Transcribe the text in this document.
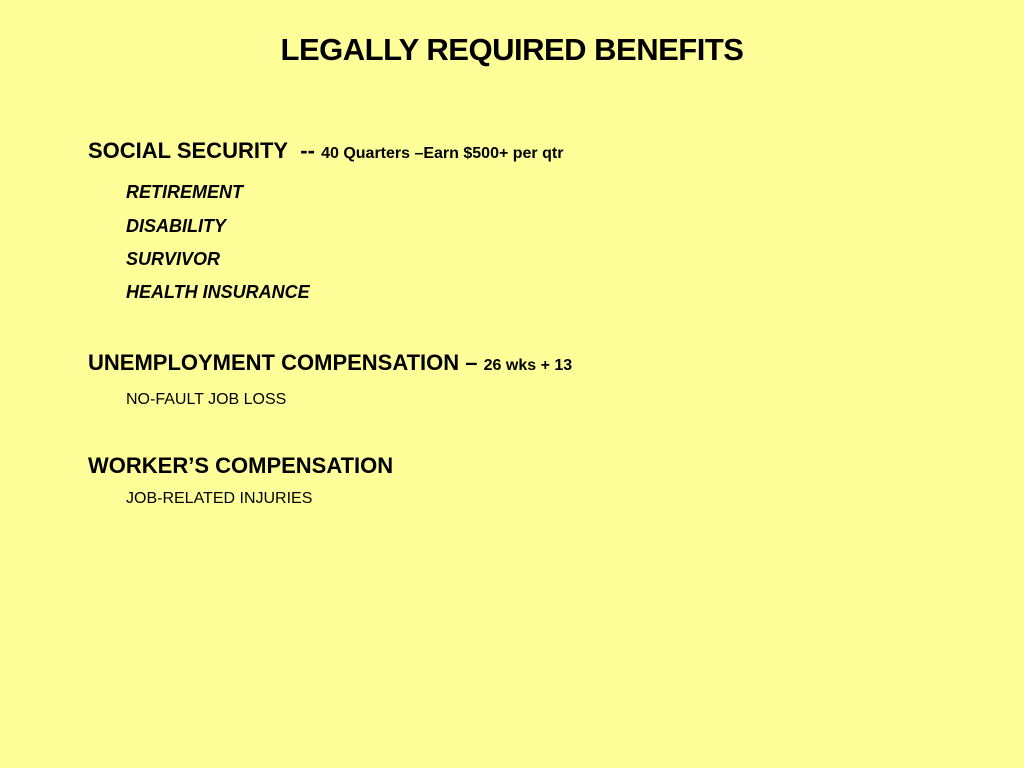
LEGALLY REQUIRED BENEFITS
SOCIAL SECURITY -- 40 Quarters –Earn $500+ per qtr
RETIREMENT
DISABILITY
SURVIVOR
HEALTH INSURANCE
UNEMPLOYMENT COMPENSATION – 26 wks + 13
NO-FAULT JOB LOSS
WORKER’S COMPENSATION
JOB-RELATED INJURIES
